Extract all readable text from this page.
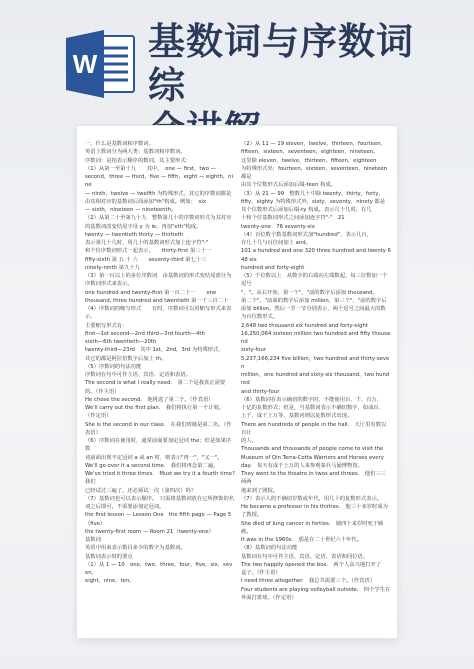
W
基数词与序数词综
一、什么是基数词和序数词。
英语上数词分为两大类：基数词和序数词。
序数词：是指表示顺序的数词，其主要形式：
（1）从第一至第十九　　其中，　one — first，two —
second，three — third，five — fifth，eight — eighth，nine
— ninth，twelve — twelfth 为特殊形式，其它的序数词都是
由其相对应的基数词后面添加"th"构成。例如：　six
— sixth，nineteen — nineteenth。
（2）从第二十至第九十九　整数第几十的序数词形式为其对应
的基数词改变结尾字母 y 为 ie，再加"eth"构成。
twenty — twentieth thirty — thirtieth
表示第几十几时，用几十的基数词形式加上连字符"-"
和个位序数词形式一起表示。　　thirty-first 第三十一
fifty-sixth 第 五 十 六　　seventy-third 第七十三
ninety-ninth 第九十九
（3）第一百以上的多位序数词　由基数词的形式变结尾部分为
序数词形式来表示。
one hundred and twenty-first 第一百二十一　　one
thousand, three hundred and twentieth 第一千三百二十
（4）序数词的缩写形式　　有时，序数词可以用缩写形式来表示，
主要缩写形式有：
first—1st second—2nd third—3rd fourth—4th
sixth—6th twentieth—20th
twenty-third—23rd　其中 1st，2nd，3rd 为特殊形式，
其它的都是阿拉伯数字后加上 th。
（5）序数词的句法功能
序数词在句中可作主语、宾语、定语和表语。
The second is what I really need.　第二个是我真正需要
的。（作主语）
He chose the second.　他挑选了第二个。（作宾语）
We'll carry out the first plan.　我们将执行第一个计划。
（作定语）
She is the second in our class.　在我们班她是第二名。（作
表语）
（6）序数词在使用时，通常前面要加定冠词 the；但是如果序数
词前面出现不定冠词 a 或 an 时，则表示"再一"，"又一"。
We'll go over it a second time.　我们将再念第二遍。
We've tried it three times.　Must we try it a fourth time? 我们
已经试过三遍了，还必须试一次（第四次）吗？
（7）基数词也可以表示顺序。　只需将基数词放在它所修饰的名
词之后即可，不需要添加定冠词。
the first lesson — Lesson One　the fifth page — Page 5
（five）
the twenty-first room — Room 21（twenty-one）
基数词
英语中用来表示数目多少的数字为基数词。
基数词表示时的要点
（1）从 1 — 10　one，two，three，four，five，six，seven，
eight，nine，ten。
（2）从 11 — 19 eleven，twelve，thirteen，fourteen，
fifteen，sixteen，seventeen，eighteen，nineteen。
这里除 eleven，twelve，thirteen，fifteen，eighteen
为特殊形式外，fourteen，sixteen，seventeen，nineteen 都是
由其个位数形式后添加后缀-teen 构成。
（3）从 21 — 99　整数几十中除 twenty，thirty，forty，
fifty，eighty 为特殊形式外，sixty，seventy，ninety 都是
其个位数形式后添加后缀-ty 构成。表示几十几时，在几
十和个位基数词形式之间添加连字符"-"　21
twenty-one　76 seventy-six
（4）百位数个数基数词形式加"hundred"，表示几百，
在几十几与百位间加上 and。
101 a hundred and one 320 three hundred and twenty 648 six
hundred and forty-eight
（5）千位数以上　从数字的右端向左端数起，每三位数加一个逗号
"，"。从右开始，第一个"，"前的数字后添加 thousand，
第二个"，"前面的数字后添加 million，第三个"，"前的数字后
添加 billion。然后一节一节分别表示，两个逗号之间最大的数
为百位数形式。
2,648 two thousand six hundred and forty-eight
16,250,064 sixteen million two hundred and fifty thousand
sixty-four
5,237,166,234 five billion，two hundred and thirty-seven
million，one hundred and sixty-six thousand，two hundred
and thirty-four
（6）基数词在表示确切的数字时，不能使用百、千、百万、
十亿的复数形式；但是，当基数词表示不确切数字，如成百、
上千，成千上万等，基数词则以复数形式出现。
There are hundreds of people in the hall.　大厅里有数以百计
的人。
Thousands and thousands of people come to visit the
Museum of Qin Terra-Cotta Warriors and Horses every
day.　每天有成千上万的人来参观秦兵马俑博物馆。
They went to the theatre in twos and threes.　他们三三两两
地来到了剧院。
（7）表示人的不确切岁数或年代，用几十的复数形式表示。
He became a professor in his thirties.　他三十多岁时成为
了教授。
She died of lung cancer in forties.　她四十来岁时死于肺
癌。
It was in the 1960s.　那是在二十世纪六十年代。
（8）基数词的句法功能
基数词在句中可作主语、宾语、定语、表语和同位语。
The two happily opened the box.　两个人高兴地打开了
盒子。（作主语）
I need three altogether.　我总共需要三个。（作宾语）
Four students are playing volleyball outside.　四个学生在
外面打排球。（作定语）
